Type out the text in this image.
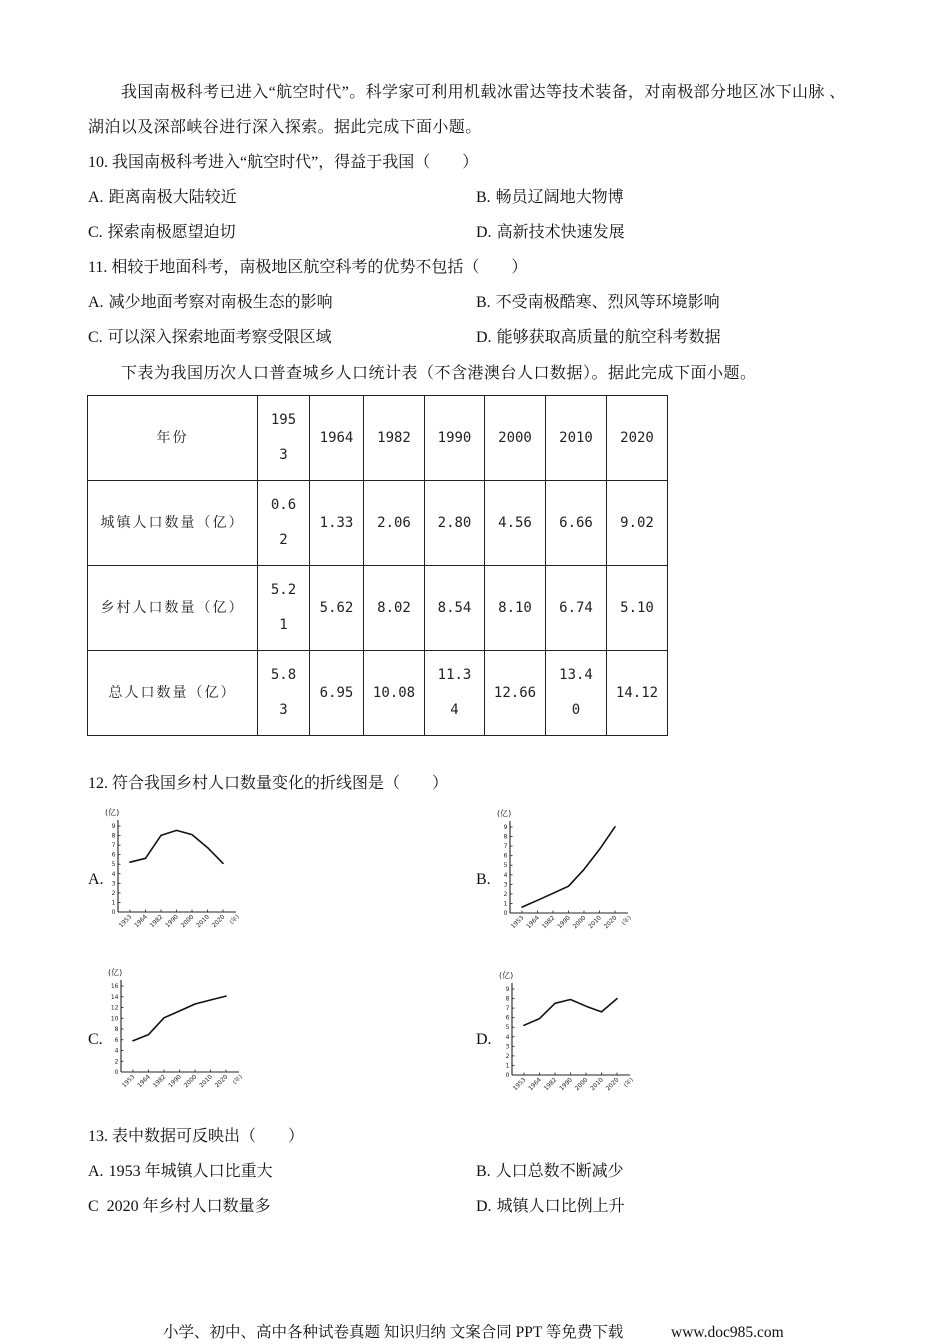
我国南极科考已进入“航空时代”。科学家可利用机载冰雷达等技术装备，对南极部分地区冰下山脉 、
湖泊以及深部峡谷进行深入探索。据此完成下面小题。
10. 我国南极科考进入“航空时代”，得益于我国（　　）
A. 距离南极大陆较近	B. 畅员辽阔地大物博
C. 探索南极愿望迫切	D. 高新技术快速发展
11. 相较于地面科考，南极地区航空科考的优势不包括（　　）
A. 减少地面考察对南极生态的影响	B. 不受南极酷寒、烈风等环境影响
C. 可以深入探索地面考察受限区域	D. 能够获取高质量的航空科考数据
下表为我国历次人口普查城乡人口统计表（不含港澳台人口数据）。据此完成下面小题。
年份	1953	1964	1982	1990	2000	2010	2020
城镇人口数量（亿）	0.62	1.33	2.06	2.80	4.56	6.66	9.02
乡村人口数量（亿）	5.21	5.62	8.02	8.54	8.10	6.74	5.10
总人口数量（亿）	5.83	6.95	10.08	11.34	12.66	13.40	14.12
12. 符合我国乡村人口数量变化的折线图是（　　）
A.
0
1
2
3
4
5
6
7
8
9
1953 1964 1982 1990 2000 2010 2020 (年)
(亿)
B.
0
1
2
3
4
5
6
7
8
9
1953 1964 1982 1990 2000 2010 2020 (年)
(亿)
C.
0
2
4
6
8
10
12
14
16
1953 1964 1982 1990 2000 2010 2020 (年)
(亿)
D.
0
1
2
3
4
5
6
7
8
9
1953 1964 1982 1990 2000 2010 2020 (年)
(亿)
13. 表中数据可反映出（　　）
A. 1953 年城镇人口比重大	B. 人口总数不断减少
C 2020 年乡村人口数量多	D. 城镇人口比例上升
小学、初中、高中各种试卷真题 知识归纳 文案合同 PPT 等免费下载	www.doc985.com
